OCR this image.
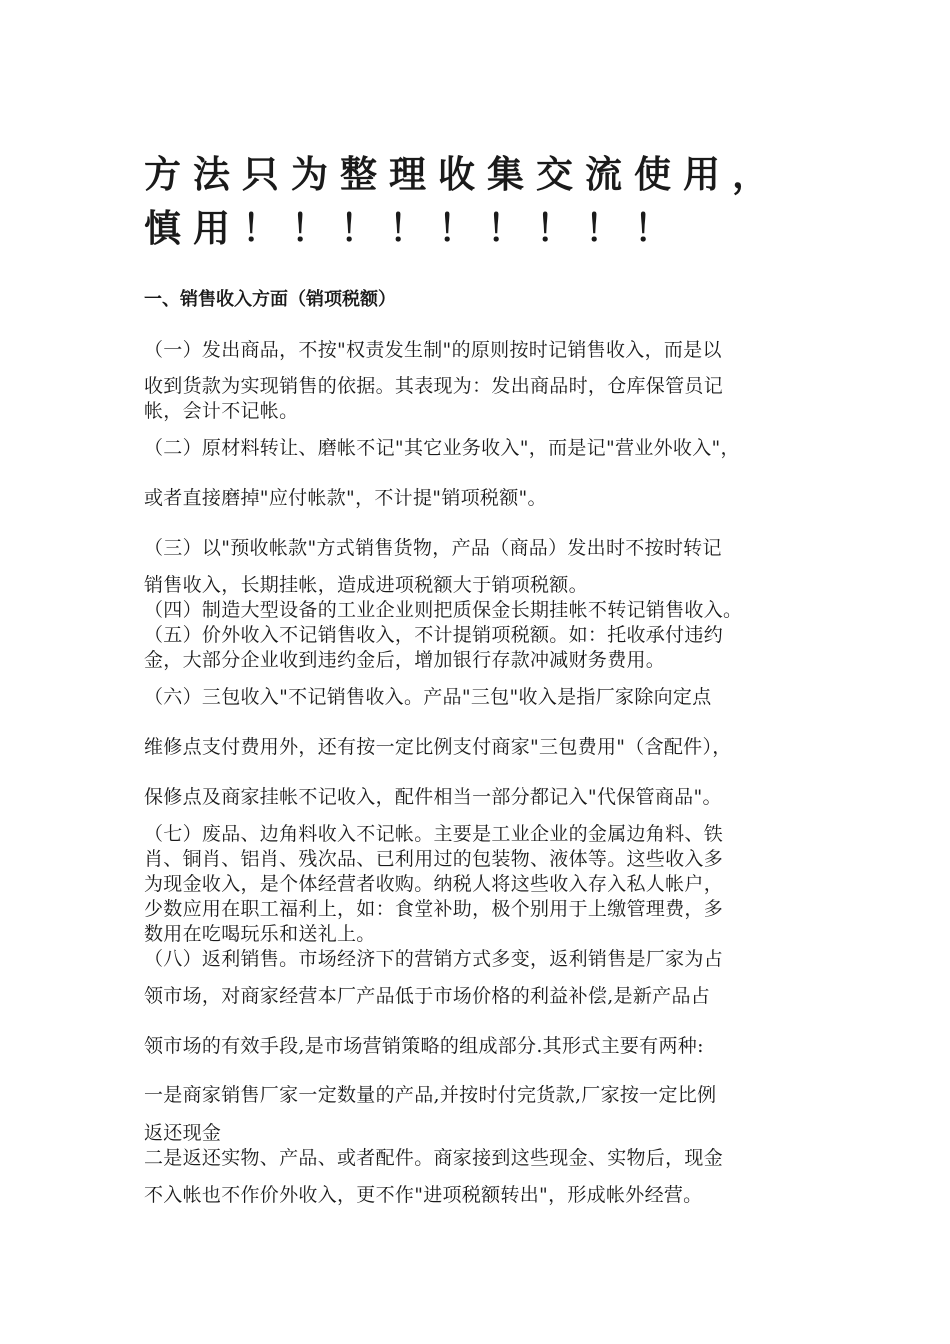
方法只为整理收集交流使用，慎用！！！！！！！！！
一、销售收入方面（销项税额）

（一）发出商品，不按"权责发生制"的原则按时记销售收入，而是以

收到货款为实现销售的依据。其表现为：发出商品时，仓库保管员记

帐，会计不记帐。

（二）原材料转让、磨帐不记"其它业务收入"，而是记"营业外收入"，

或者直接磨掉"应付帐款"，不计提"销项税额"。

（三）以"预收帐款"方式销售货物，产品（商品）发出时不按时转记

销售收入，长期挂帐，造成进项税额大于销项税额。

（四）制造大型设备的工业企业则把质保金长期挂帐不转记销售收入。

（五）价外收入不记销售收入，不计提销项税额。如：托收承付违约

金，大部分企业收到违约金后，增加银行存款冲减财务费用。

（六）三包收入"不记销售收入。产品"三包"收入是指厂家除向定点

维修点支付费用外，还有按一定比例支付商家"三包费用"（含配件），

保修点及商家挂帐不记收入，配件相当一部分都记入"代保管商品"。

（七）废品、边角料收入不记帐。主要是工业企业的金属边角料、铁

肖、铜肖、铝肖、残次品、已利用过的包装物、液体等。这些收入多

为现金收入，是个体经营者收购。纳税人将这些收入存入私人帐户，

少数应用在职工福利上，如：食堂补助，极个别用于上缴管理费，多

数用在吃喝玩乐和送礼上。

（八）返利销售。市场经济下的营销方式多变，返利销售是厂家为占

领市场，对商家经营本厂产品低于市场价格的利益补偿,是新产品占

领市场的有效手段,是市场营销策略的组成部分.其形式主要有两种:

一是商家销售厂家一定数量的产品,并按时付完货款,厂家按一定比例

返还现金

二是返还实物、产品、或者配件。商家接到这些现金、实物后，现金

不入帐也不作价外收入，更不作"进项税额转出"，形成帐外经营。
